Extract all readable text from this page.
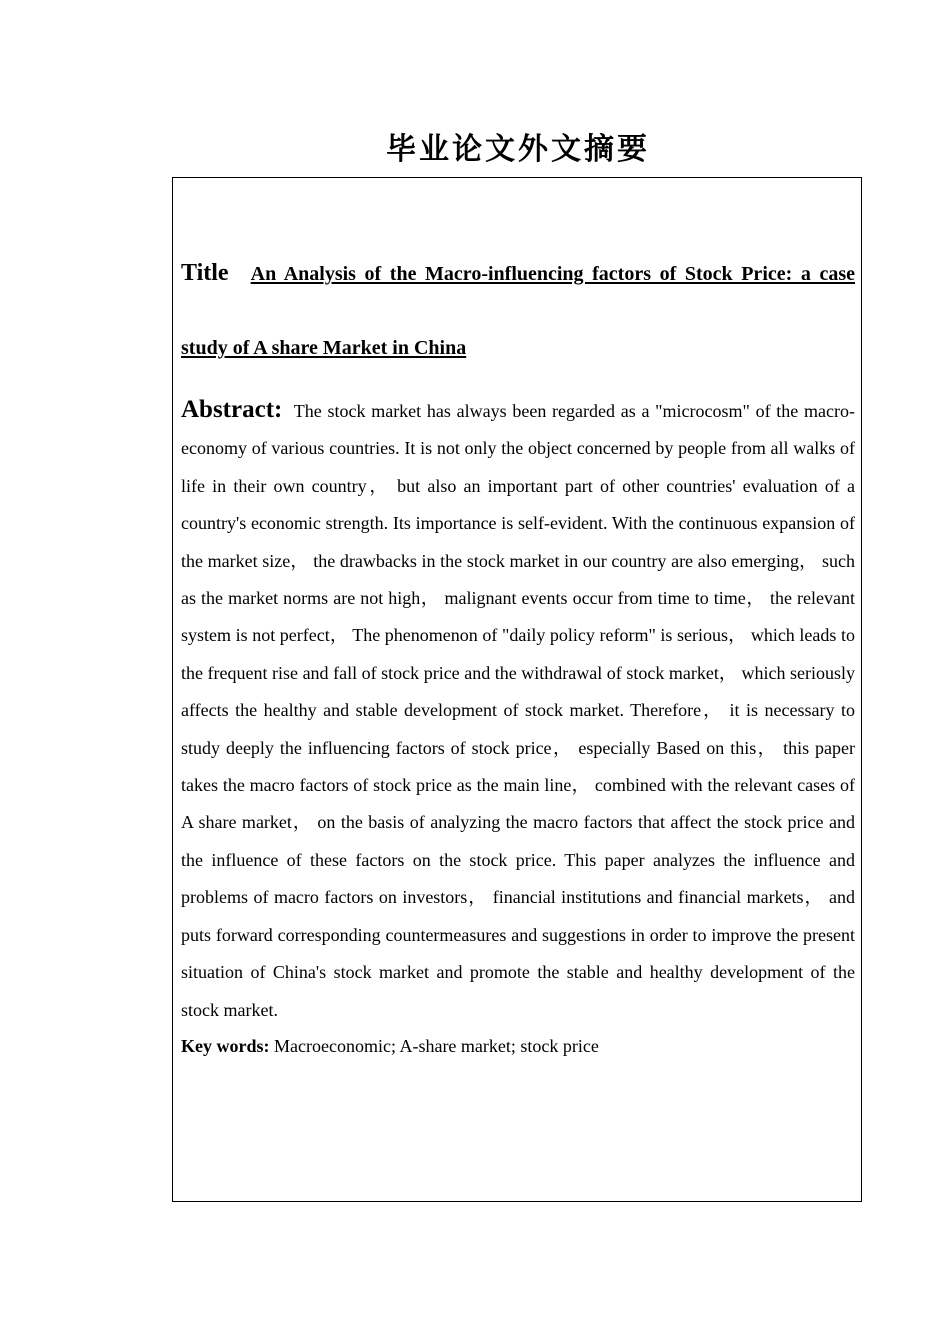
毕业论文外文摘要

Title An Analysis of the Macro-influencing factors of Stock Price: a case study of A share Market in China

Abstract: The stock market has always been regarded as a "microcosm" of the macro-economy of various countries. It is not only the object concerned by people from all walks of life in their own country， but also an important part of other countries' evaluation of a country's economic strength. Its importance is self-evident. With the continuous expansion of the market size， the drawbacks in the stock market in our country are also emerging， such as the market norms are not high， malignant events occur from time to time， the relevant system is not perfect， The phenomenon of "daily policy reform" is serious， which leads to the frequent rise and fall of stock price and the withdrawal of stock market， which seriously affects the healthy and stable development of stock market. Therefore， it is necessary to study deeply the influencing factors of stock price， especially Based on this， this paper takes the macro factors of stock price as the main line， combined with the relevant cases of A share market， on the basis of analyzing the macro factors that affect the stock price and the influence of these factors on the stock price. This paper analyzes the influence and problems of macro factors on investors， financial institutions and financial markets， and puts forward corresponding countermeasures and suggestions in order to improve the present situation of China's stock market and promote the stable and healthy development of the stock market.

Key words: Macroeconomic; A-share market; stock price
